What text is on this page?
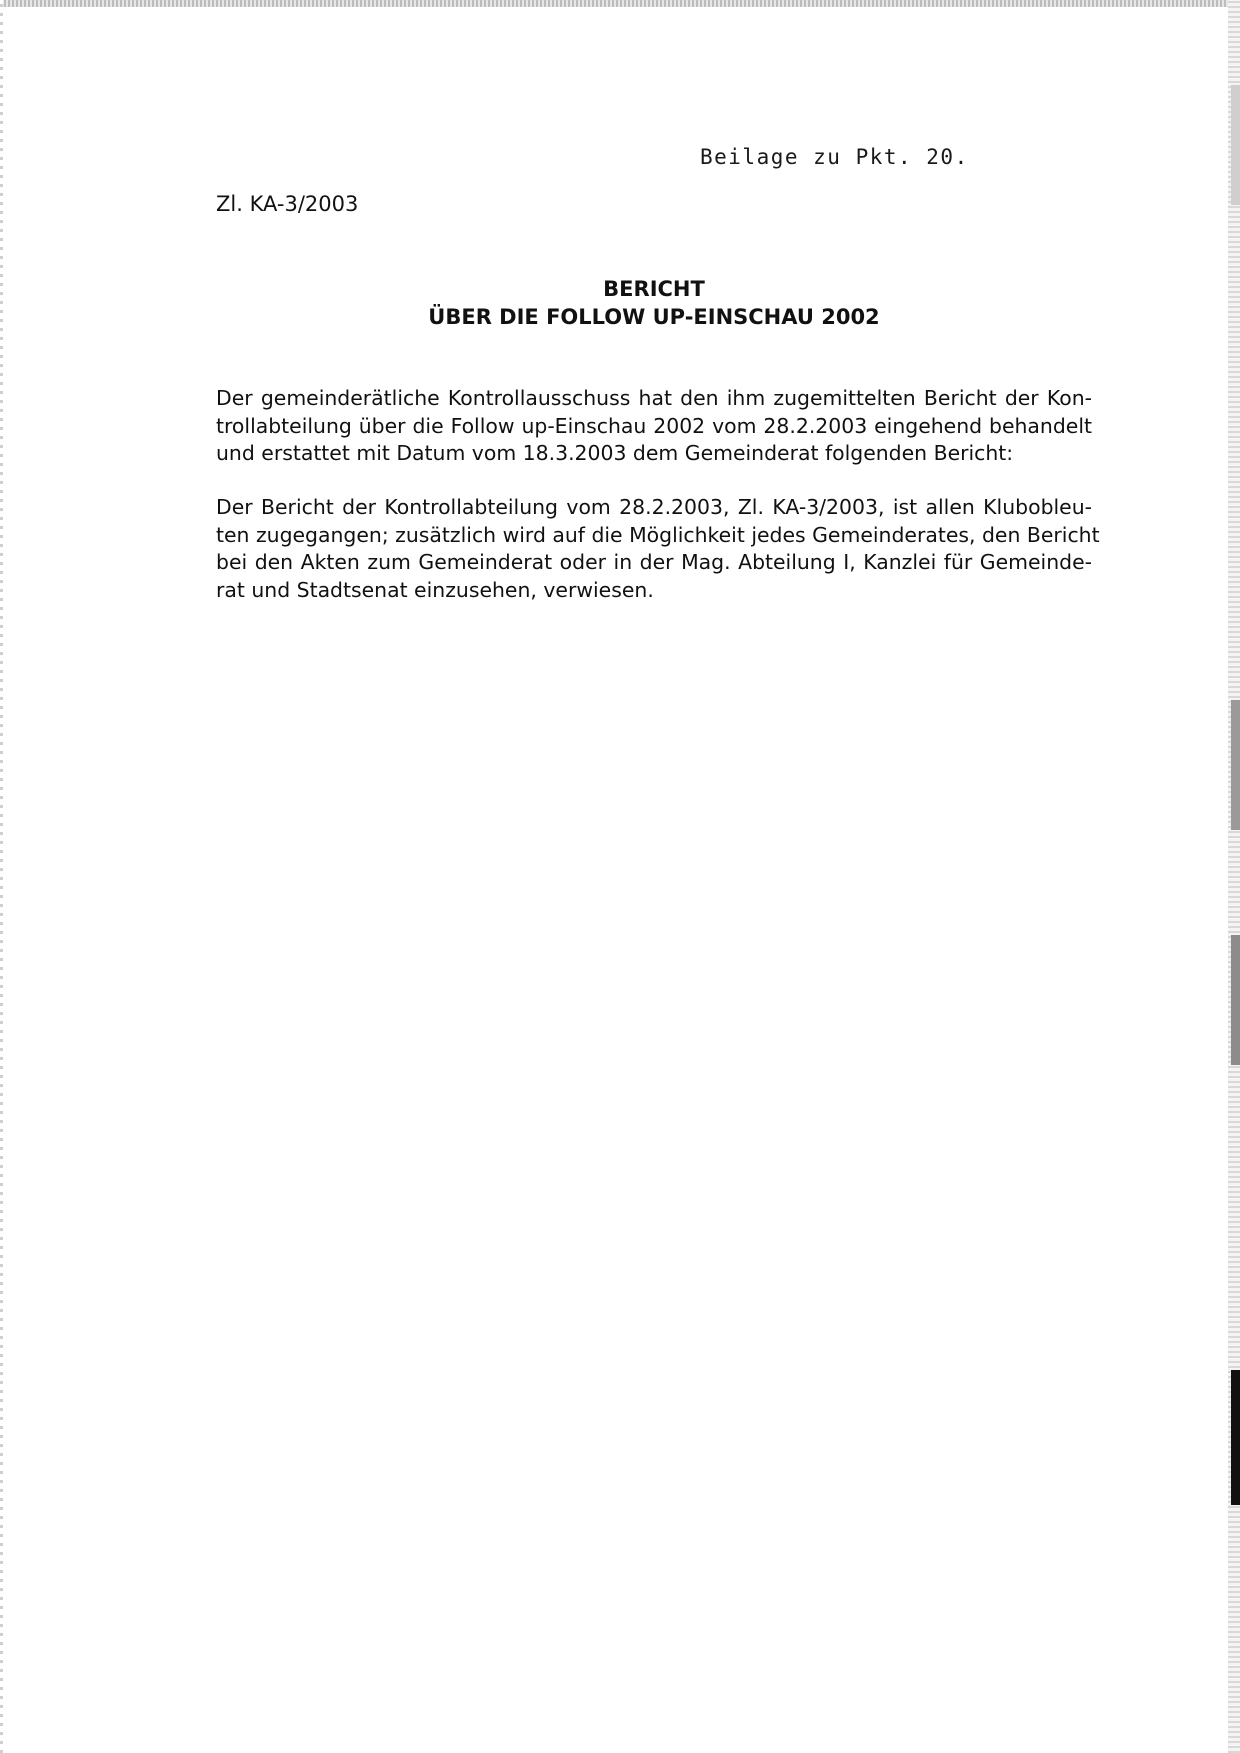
Beilage zu Pkt. 20.
Zl. KA-3/2003
BERICHT
ÜBER DIE FOLLOW UP-EINSCHAU 2002
Der gemeinderätliche Kontrollausschuss hat den ihm zugemittelten Bericht der Kon-
trollabteilung über die Follow up-Einschau 2002 vom 28.2.2003 eingehend behandelt
und erstattet mit Datum vom 18.3.2003 dem Gemeinderat folgenden Bericht:
Der Bericht der Kontrollabteilung vom 28.2.2003, Zl. KA-3/2003, ist allen Klubobleu-
ten zugegangen; zusätzlich wird auf die Möglichkeit jedes Gemeinderates, den Bericht
bei den Akten zum Gemeinderat oder in der Mag. Abteilung I, Kanzlei für Gemeinde-
rat und Stadtsenat einzusehen, verwiesen.
